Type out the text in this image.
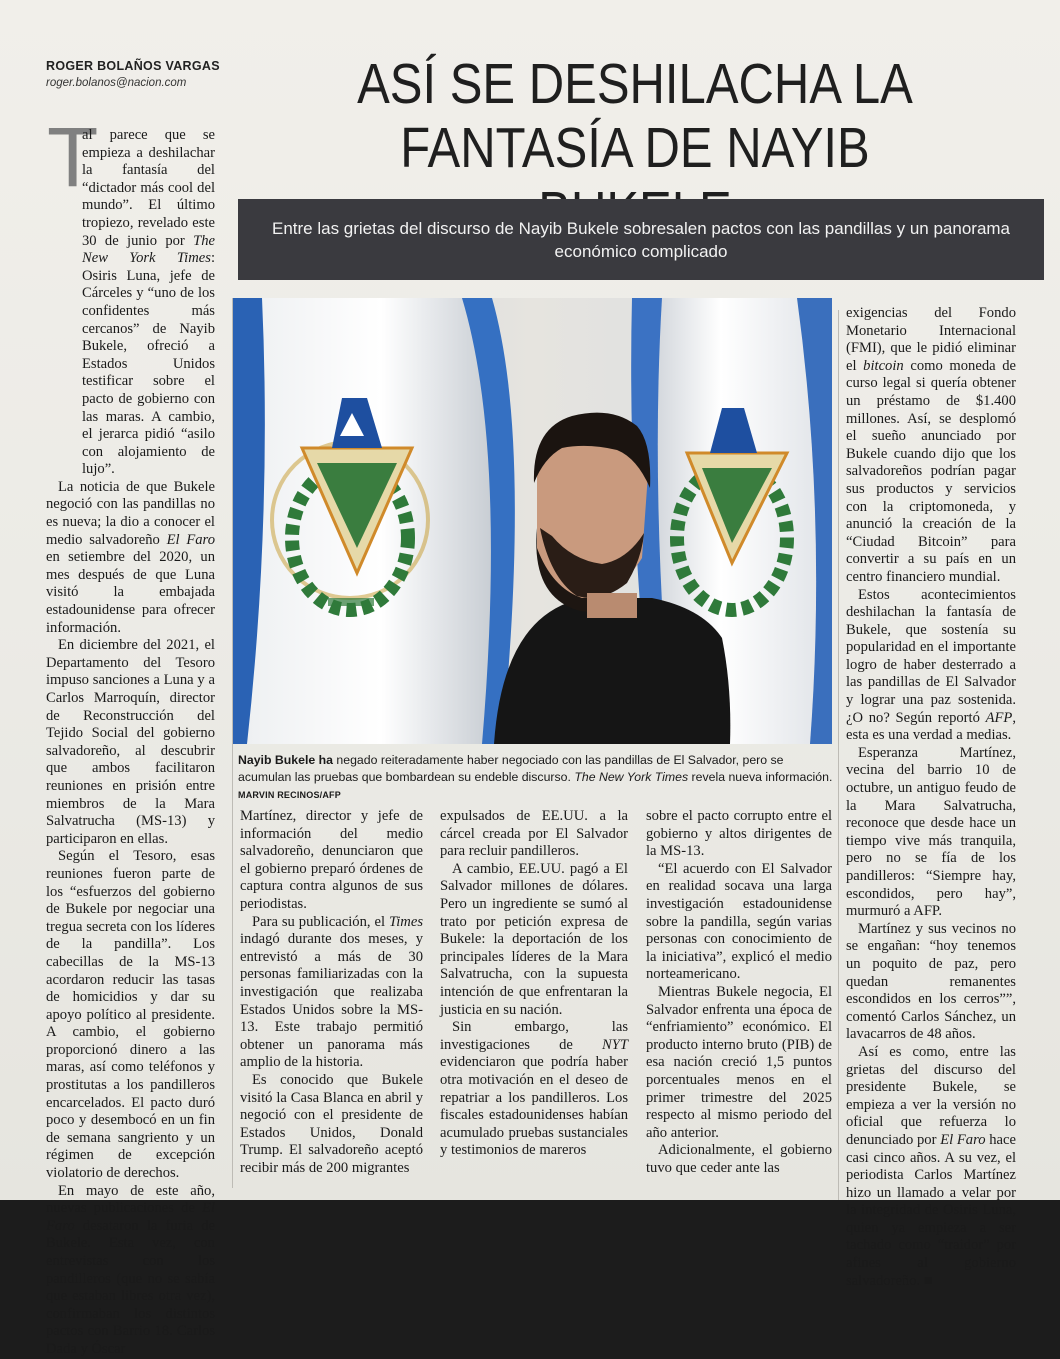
ROGER BOLAÑOS VARGAS
roger.bolanos@nacion.com	ASÍ SE DESHILACHA LA
FANTASÍA DE NAYIB
Entre las grietas del discurso de Nayib Bukele sobresalen pactos con las pandillas y un panorama económico complicado
Nayib Bukele ha negado reiteradamente haber negociado con las pandillas de El Salvador, pero se acumulan las pruebas que bombardean su endeble discurso. The New York Times revela nueva información. MARVIN RECINOS/AFP
T

al parece que se empieza a deshilachar la fantasía del “dictador más cool del mundo”. El último tropiezo, revelado este 30 de junio por The New York Times: Osiris Luna, jefe de Cárceles y “uno de los confidentes más cercanos” de Nayib Bukele, ofreció a Estados Unidos testificar sobre el pacto de gobierno con las maras. A cambio, el jerarca pidió “asilo con alojamiento de lujo”.

La noticia de que Bukele negoció con las pandillas no es nueva; la dio a conocer el medio salvadoreño El Faro en setiembre del 2020, un mes después de que Luna visitó la embajada estadounidense para ofrecer información.

En diciembre del 2021, el Departamento del Tesoro impuso sanciones a Luna y a Carlos Marroquín, director de Reconstrucción del Tejido Social del gobierno salvadoreño, al descubrir que ambos facilitaron reuniones en prisión entre miembros de la Mara Salvatrucha (MS-13) y participaron en ellas.

Según el Tesoro, esas reuniones fueron parte de los “esfuerzos del gobierno de Bukele por negociar una tregua secreta con los líderes de la pandilla”. Los cabecillas de la MS-13 acordaron reducir las tasas de homicidios y dar su apoyo político al presidente. A cambio, el gobierno proporcionó dinero a las maras, así como teléfonos y prostitutas a los pandilleros encarcelados. El pacto duró poco y desembocó en un fin de semana sangriento y un régimen de excepción violatorio de derechos.

En mayo de este año, nuevas publicaciones de El Faro desataron la furia de Bukele. Esta vez, con entrevistas con los pandilleros (que no se sabía que estaban libres otra vez), confirmaban los distintos pactos con Barrio 18. Carlos Dada y Óscar

Martínez, director y jefe de información del medio salvadoreño, denunciaron que el gobierno preparó órdenes de captura contra algunos de sus periodistas.

Para su publicación, el Times indagó durante dos meses, y entrevistó a más de 30 personas familiarizadas con la investigación que realizaba Estados Unidos sobre la MS-13. Este trabajo permitió obtener un panorama más amplio de la historia.

Es conocido que Bukele visitó la Casa Blanca en abril y negoció con el presidente de Estados Unidos, Donald Trump. El salvadoreño aceptó recibir más de 200 migrantes

expulsados de EE.UU. a la cárcel creada por El Salvador para recluir pandilleros.

A cambio, EE.UU. pagó a El Salvador millones de dólares. Pero un ingrediente se sumó al trato por petición expresa de Bukele: la deportación de los principales líderes de la Mara Salvatrucha, con la supuesta intención de que enfrentaran la justicia en su nación.

Sin embargo, las investigaciones de NYT evidenciaron que podría haber otra motivación en el deseo de repatriar a los pandilleros. Los fiscales estadounidenses habían acumulado pruebas sustanciales y testimonios de mareros

sobre el pacto corrupto entre el gobierno y altos dirigentes de la MS-13.

“El acuerdo con El Salvador en realidad socava una larga investigación estadounidense sobre la pandilla, según varias personas con conocimiento de la iniciativa”, explicó el medio norteamericano.

Mientras Bukele negocia, El Salvador enfrenta una época de “enfriamiento” económico. El producto interno bruto (PIB) de esa nación creció 1,5 puntos porcentuales menos en el primer trimestre del 2025 respecto al mismo periodo del año anterior.

Adicionalmente, el gobierno tuvo que ceder ante las

exigencias del Fondo Monetario Internacional (FMI), que le pidió eliminar el bitcoin como moneda de curso legal si quería obtener un préstamo de $1.400 millones. Así, se desplomó el sueño anunciado por Bukele cuando dijo que los salvadoreños podrían pagar sus productos y servicios con la criptomoneda, y anunció la creación de la “Ciudad Bitcoin” para convertir a su país en un centro financiero mundial.

Estos acontecimientos deshilachan la fantasía de Bukele, que sostenía su popularidad en el importante logro de haber desterrado a las pandillas de El Salvador y lograr una paz sostenida. ¿O no? Según reportó AFP, esta es una verdad a medias.

Esperanza Martínez, vecina del barrio 10 de octubre, un antiguo feudo de la Mara Salvatrucha, reconoce que desde hace un tiempo vive más tranquila, pero no se fía de los pandilleros: “Siempre hay, escondidos, pero hay”, murmuró a AFP.

Martínez y sus vecinos no se engañan: “hoy tenemos un poquito de paz, pero quedan remanentes escondidos en los cerros””, comentó Carlos Sánchez, un lavacarros de 48 años.

Así es como, entre las grietas del discurso del presidente Bukele, se empieza a ver la versión no oficial que refuerza lo denunciado por El Faro hace casi cinco años. A su vez, el periodista Carlos Martínez hizo un llamado a velar por la integridad de Osiris Luna, quien ya empieza a ser tachado como “traidor” por afines al gobierno salvadoreño. ■
